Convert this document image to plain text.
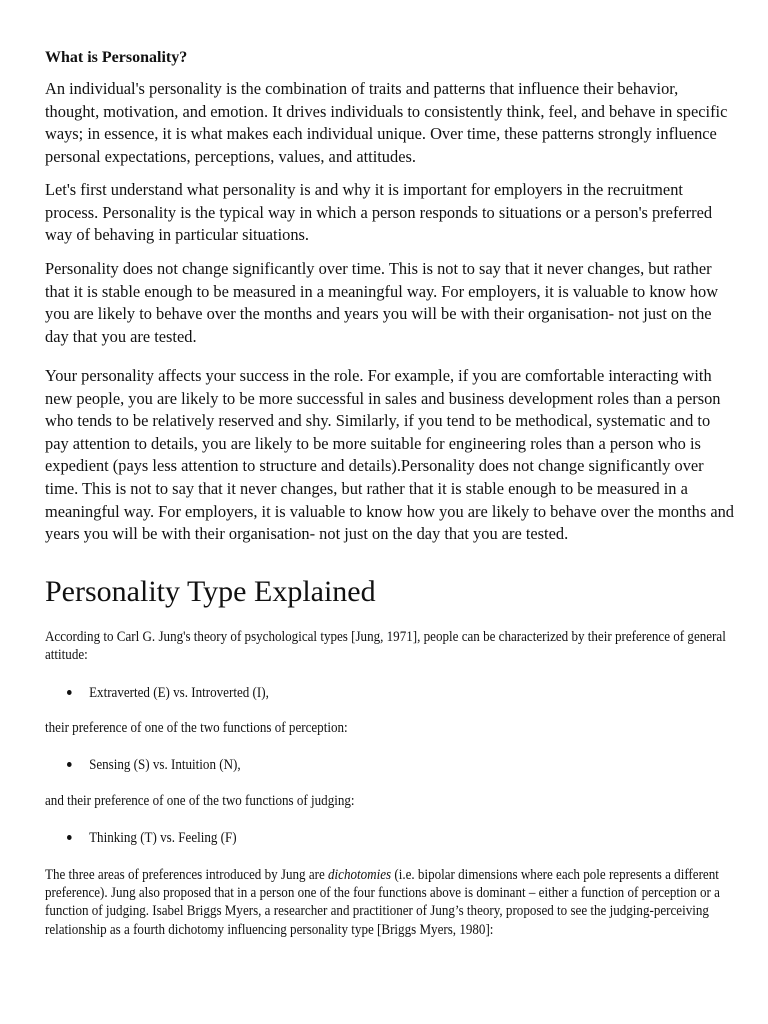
What is Personality?

An individual's personality is the combination of traits and patterns that influence their behavior, thought, motivation, and emotion. It drives individuals to consistently think, feel, and behave in specific ways; in essence, it is what makes each individual unique. Over time, these patterns strongly influence personal expectations, perceptions, values, and attitudes.

Let's first understand what personality is and why it is important for employers in the recruitment process. Personality is the typical way in which a person responds to situations or a person's preferred way of behaving in particular situations.

Personality does not change significantly over time. This is not to say that it never changes, but rather that it is stable enough to be measured in a meaningful way. For employers, it is valuable to know how you are likely to behave over the months and years you will be with their organisation- not just on the day that you are tested.

Your personality affects your success in the role. For example, if you are comfortable interacting with new people, you are likely to be more successful in sales and business development roles than a person who tends to be relatively reserved and shy. Similarly, if you tend to be methodical, systematic and to pay attention to details, you are likely to be more suitable for engineering roles than a person who is expedient (pays less attention to structure and details).Personality does not change significantly over time. This is not to say that it never changes, but rather that it is stable enough to be measured in a meaningful way. For employers, it is valuable to know how you are likely to behave over the months and years you will be with their organisation- not just on the day that you are tested.

Personality Type Explained

According to Carl G. Jung's theory of psychological types [Jung, 1971], people can be characterized by their preference of general attitude:

Extraverted (E) vs. Introverted (I),

their preference of one of the two functions of perception:

Sensing (S) vs. Intuition (N),

and their preference of one of the two functions of judging:

Thinking (T) vs. Feeling (F)

The three areas of preferences introduced by Jung are dichotomies (i.e. bipolar dimensions where each pole represents a different preference). Jung also proposed that in a person one of the four functions above is dominant – either a function of perception or a function of judging. Isabel Briggs Myers, a researcher and practitioner of Jung’s theory, proposed to see the judging-perceiving relationship as a fourth dichotomy influencing personality type [Briggs Myers, 1980]:
